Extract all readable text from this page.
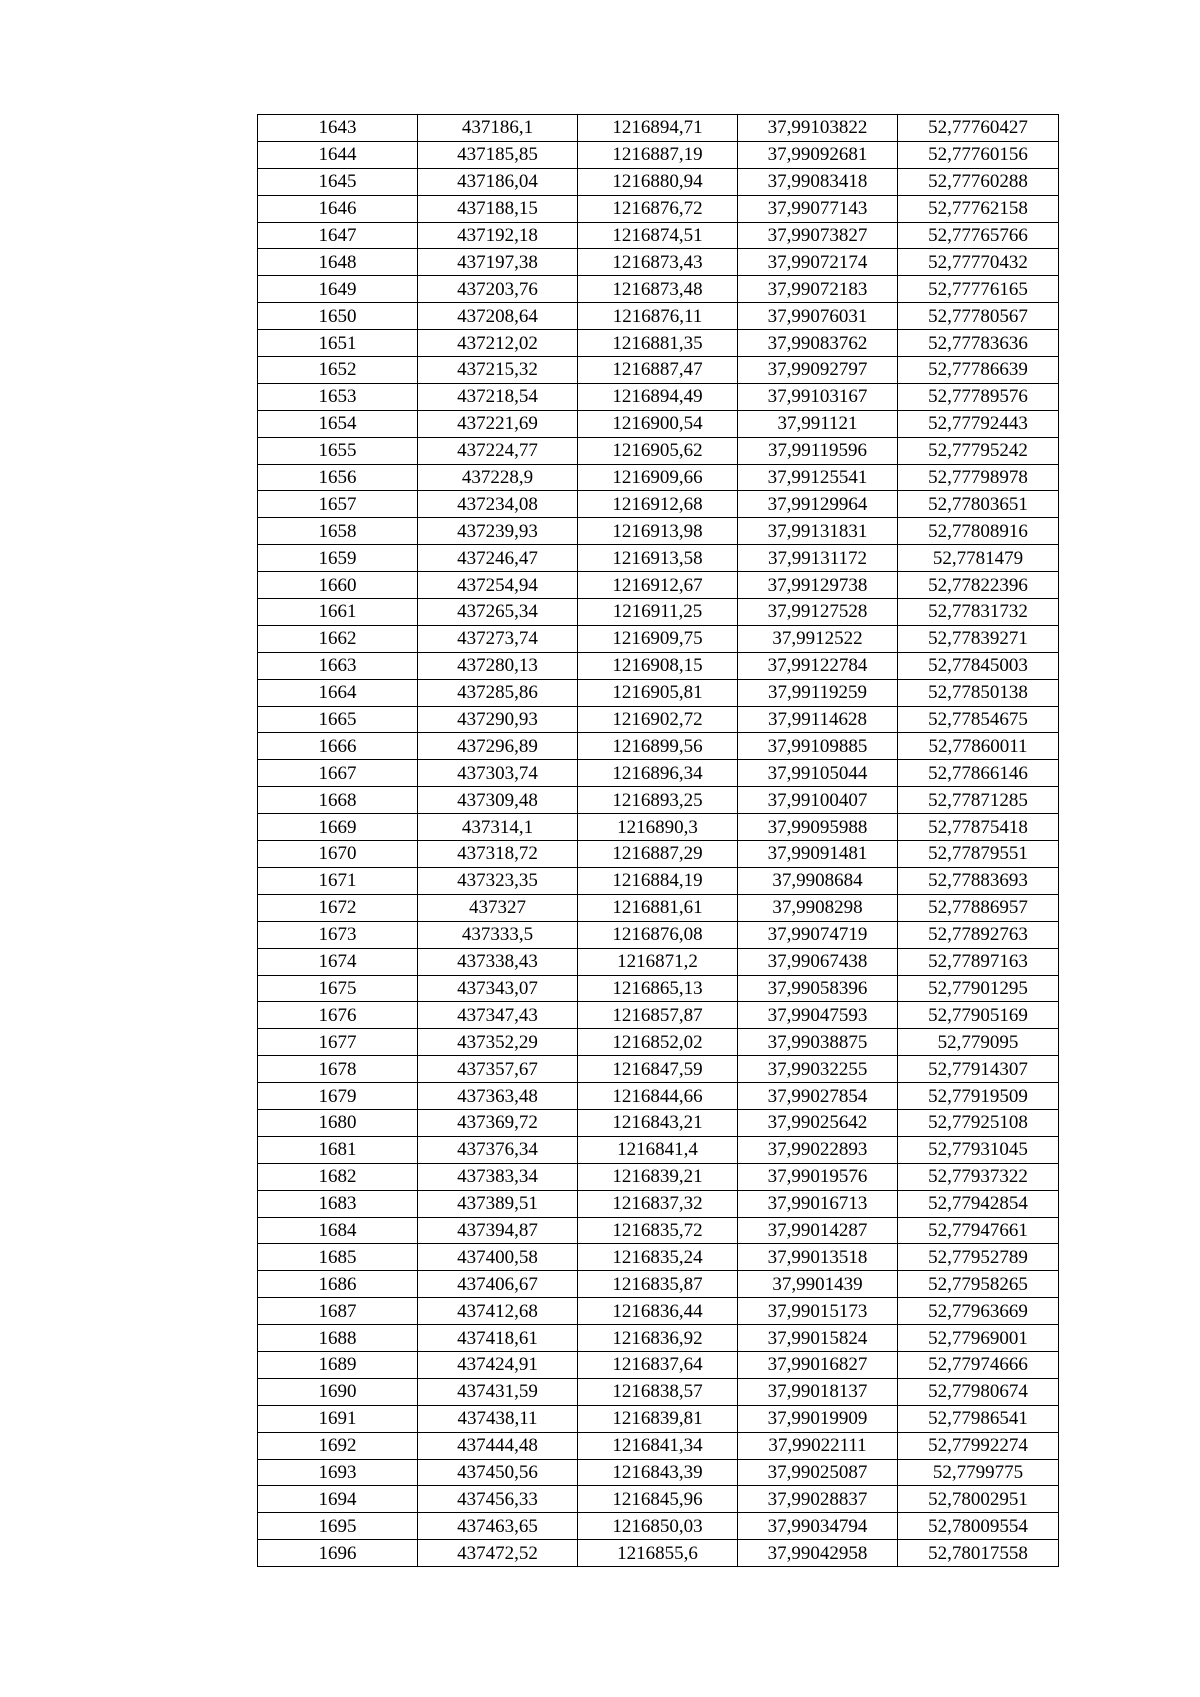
1643	437186,1	1216894,71	37,99103822	52,77760427
1644	437185,85	1216887,19	37,99092681	52,77760156
1645	437186,04	1216880,94	37,99083418	52,77760288
1646	437188,15	1216876,72	37,99077143	52,77762158
1647	437192,18	1216874,51	37,99073827	52,77765766
1648	437197,38	1216873,43	37,99072174	52,77770432
1649	437203,76	1216873,48	37,99072183	52,77776165
1650	437208,64	1216876,11	37,99076031	52,77780567
1651	437212,02	1216881,35	37,99083762	52,77783636
1652	437215,32	1216887,47	37,99092797	52,77786639
1653	437218,54	1216894,49	37,99103167	52,77789576
1654	437221,69	1216900,54	37,991121	52,77792443
1655	437224,77	1216905,62	37,99119596	52,77795242
1656	437228,9	1216909,66	37,99125541	52,77798978
1657	437234,08	1216912,68	37,99129964	52,77803651
1658	437239,93	1216913,98	37,99131831	52,77808916
1659	437246,47	1216913,58	37,99131172	52,7781479
1660	437254,94	1216912,67	37,99129738	52,77822396
1661	437265,34	1216911,25	37,99127528	52,77831732
1662	437273,74	1216909,75	37,9912522	52,77839271
1663	437280,13	1216908,15	37,99122784	52,77845003
1664	437285,86	1216905,81	37,99119259	52,77850138
1665	437290,93	1216902,72	37,99114628	52,77854675
1666	437296,89	1216899,56	37,99109885	52,77860011
1667	437303,74	1216896,34	37,99105044	52,77866146
1668	437309,48	1216893,25	37,99100407	52,77871285
1669	437314,1	1216890,3	37,99095988	52,77875418
1670	437318,72	1216887,29	37,99091481	52,77879551
1671	437323,35	1216884,19	37,9908684	52,77883693
1672	437327	1216881,61	37,9908298	52,77886957
1673	437333,5	1216876,08	37,99074719	52,77892763
1674	437338,43	1216871,2	37,99067438	52,77897163
1675	437343,07	1216865,13	37,99058396	52,77901295
1676	437347,43	1216857,87	37,99047593	52,77905169
1677	437352,29	1216852,02	37,99038875	52,779095
1678	437357,67	1216847,59	37,99032255	52,77914307
1679	437363,48	1216844,66	37,99027854	52,77919509
1680	437369,72	1216843,21	37,99025642	52,77925108
1681	437376,34	1216841,4	37,99022893	52,77931045
1682	437383,34	1216839,21	37,99019576	52,77937322
1683	437389,51	1216837,32	37,99016713	52,77942854
1684	437394,87	1216835,72	37,99014287	52,77947661
1685	437400,58	1216835,24	37,99013518	52,77952789
1686	437406,67	1216835,87	37,9901439	52,77958265
1687	437412,68	1216836,44	37,99015173	52,77963669
1688	437418,61	1216836,92	37,99015824	52,77969001
1689	437424,91	1216837,64	37,99016827	52,77974666
1690	437431,59	1216838,57	37,99018137	52,77980674
1691	437438,11	1216839,81	37,99019909	52,77986541
1692	437444,48	1216841,34	37,99022111	52,77992274
1693	437450,56	1216843,39	37,99025087	52,7799775
1694	437456,33	1216845,96	37,99028837	52,78002951
1695	437463,65	1216850,03	37,99034794	52,78009554
1696	437472,52	1216855,6	37,99042958	52,78017558
